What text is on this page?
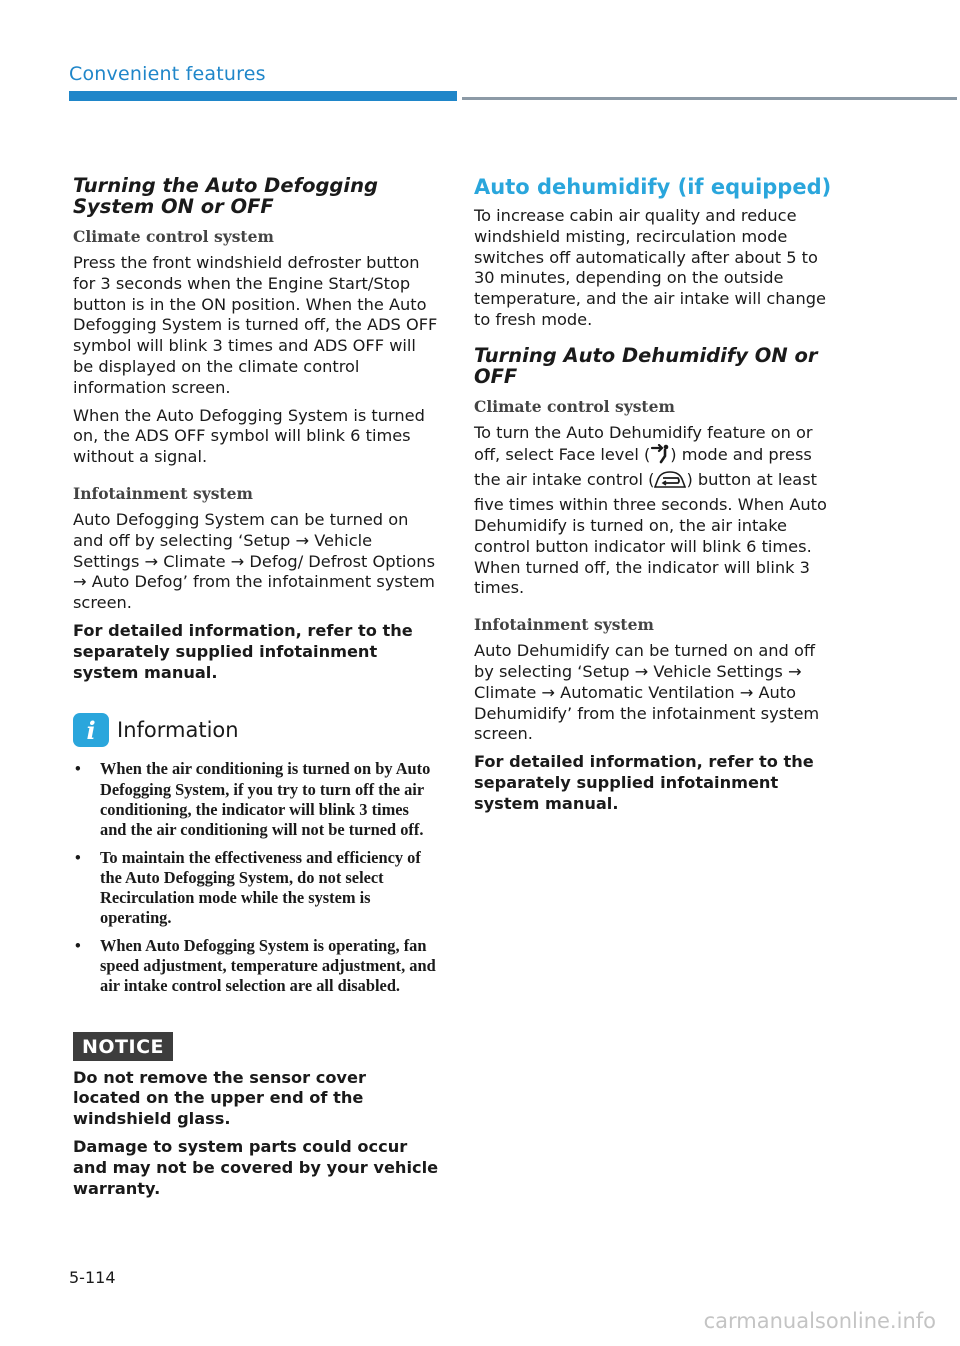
Convenient features
Turning the Auto Defogging System ON or OFF
Climate control system

Press the front windshield defroster button for 3 seconds when the Engine Start/Stop button is in the ON position. When the Auto Defogging System is turned off, the ADS OFF symbol will blink 3 times and ADS OFF will be displayed on the climate control information screen.

When the Auto Defogging System is turned on, the ADS OFF symbol will blink 6 times without a signal.

Infotainment system

Auto Defogging System can be turned on and off by selecting ‘Setup → Vehicle Settings → Climate → Defog/ Defrost Options → Auto Defog’ from the infotainment system screen.

For detailed information, refer to the separately supplied infotainment system manual.

i	Information
• When the air conditioning is turned on by Auto Defogging System, if you try to turn off the air conditioning, the indicator will blink 3 times and the air conditioning will not be turned off.
• To maintain the effectiveness and efficiency of the Auto Defogging System, do not select Recirculation mode while the system is operating.
• When Auto Defogging System is operating, fan speed adjustment, temperature adjustment, and air intake control selection are all disabled.
NOTICE

Do not remove the sensor cover located on the upper end of the windshield glass.

Damage to system parts could occur and may not be covered by your vehicle warranty.

Auto dehumidify (if equipped)

To increase cabin air quality and reduce windshield misting, recirculation mode switches off automatically after about 5 to 30 minutes, depending on the outside temperature, and the air intake will change to fresh mode.

Turning Auto Dehumidify ON or OFF
Climate control system

To turn the Auto Dehumidify feature on or off, select Face level ( ) mode and press the air intake control ( ) button at least five times within three seconds. When Auto Dehumidify is turned on, the air intake control button indicator will blink 6 times. When turned off, the indicator will blink 3 times.

Infotainment system

Auto Dehumidify can be turned on and off by selecting ‘Setup → Vehicle Settings → Climate → Automatic Ventilation → Auto Dehumidify’ from the infotainment system screen.

For detailed information, refer to the separately supplied infotainment system manual.

5-114
carmanualsonline.info
